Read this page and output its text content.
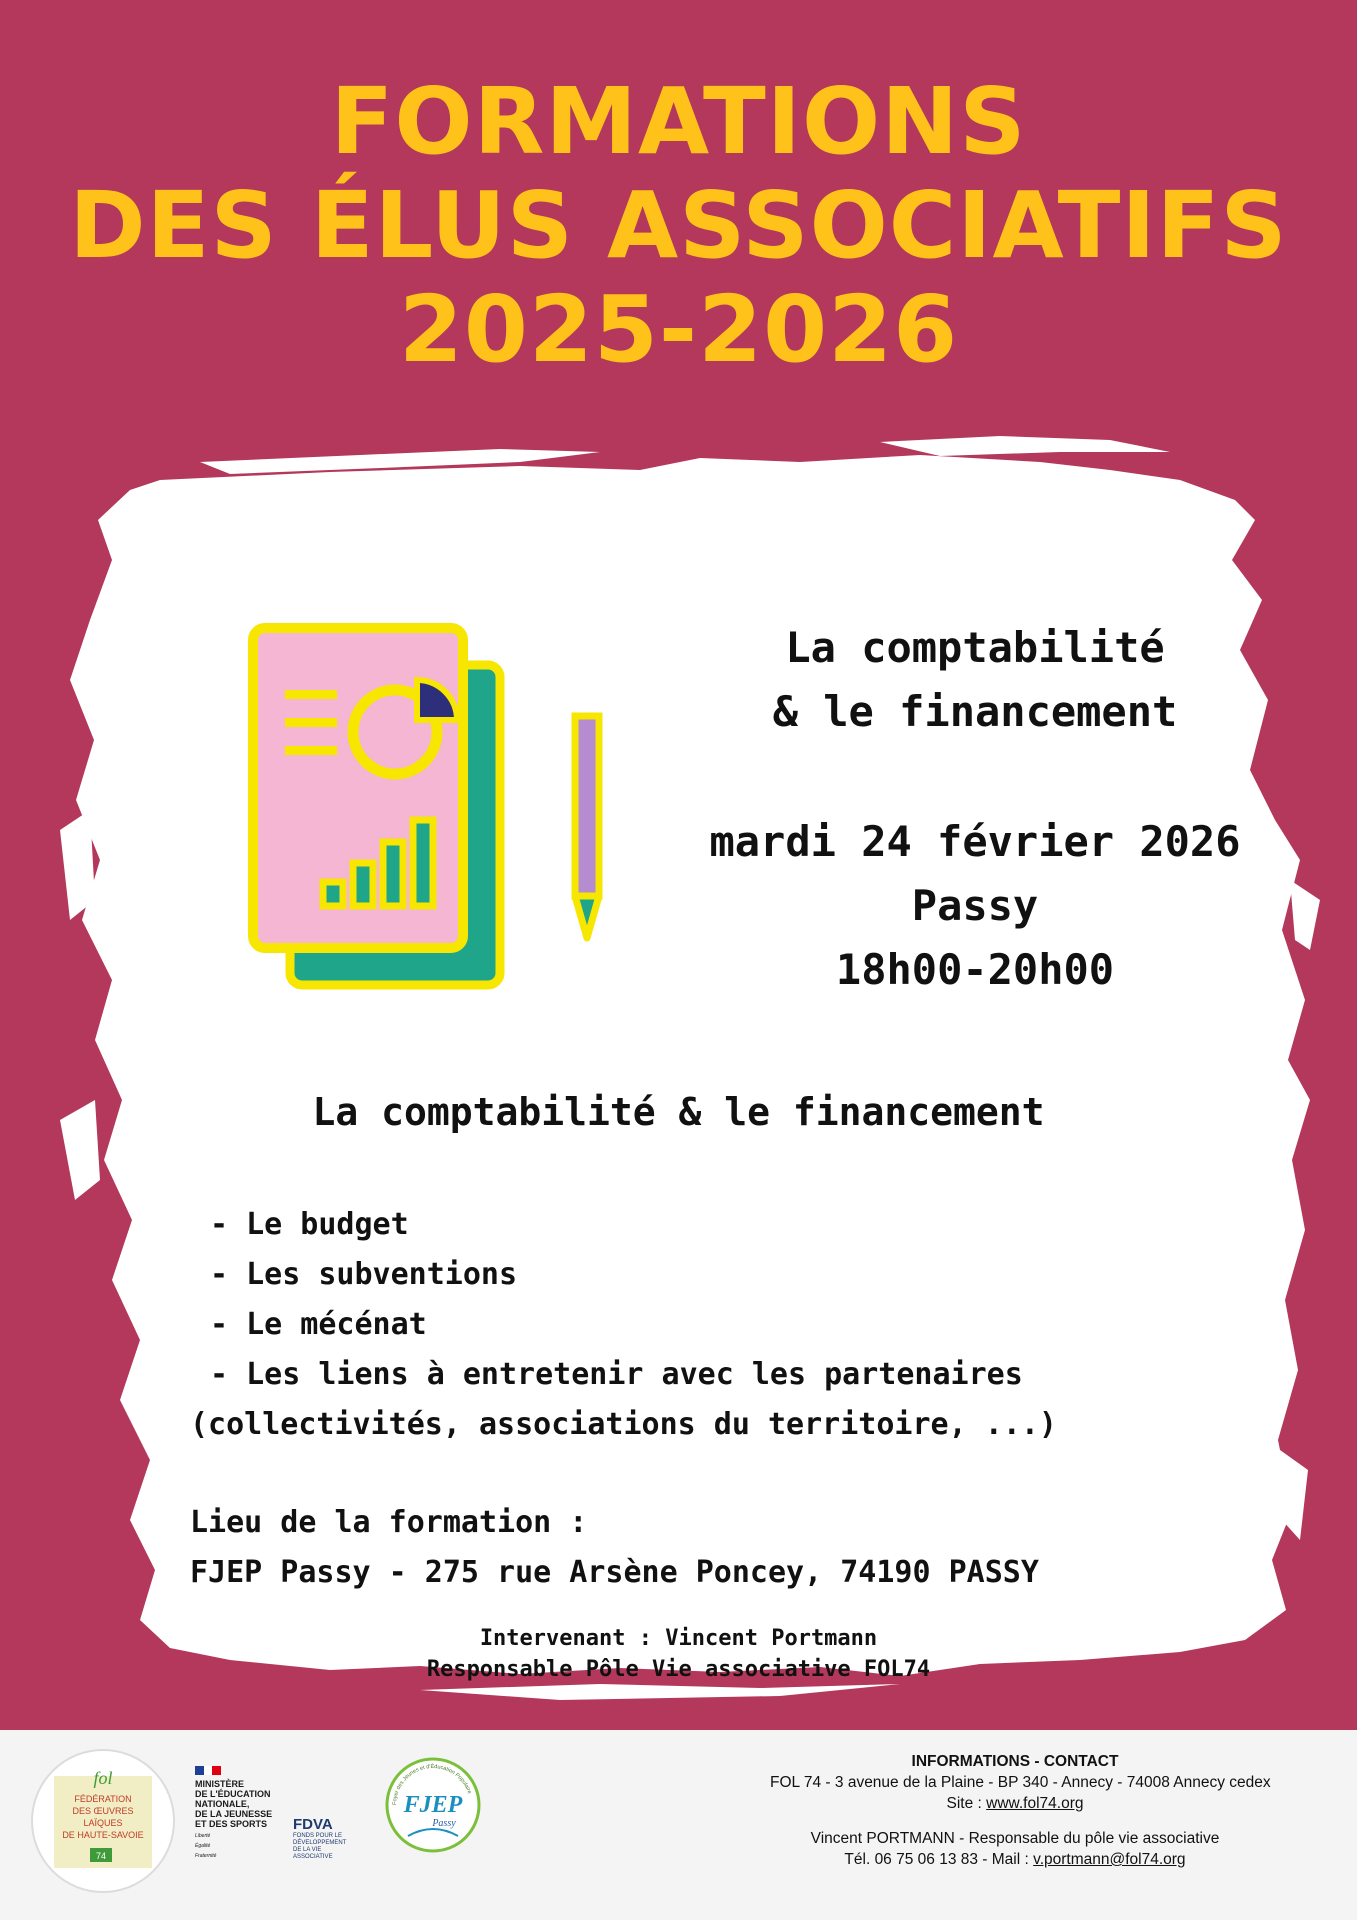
FORMATIONS
DES ÉLUS ASSOCIATIFS
2025-2026
La comptabilité
& le financement
mardi 24 février 2026
Passy
18h00-20h00
La comptabilité & le financement
- Le budget
- Les subventions
- Le mécénat
- Les liens à entretenir avec les partenaires
(collectivités, associations du territoire, ...)
Lieu de la formation :
FJEP Passy - 275 rue Arsène Poncey, 74190 PASSY
Intervenant : Vincent Portmann
Responsable Pôle Vie associative FOL74
fol
FÉDÉRATION
DES ŒUVRES
LAÏQUES
DE HAUTE-SAVOIE
74
MINISTÈRE
DE L'ÉDUCATION
NATIONALE,
DE LA JEUNESSE
ET DES SPORTS
Liberté
Égalité
Fraternité
FDVA
FONDS POUR LE
DÉVELOPPEMENT
DE LA VIE
ASSOCIATIVE
Foyer des Jeunes et d'Éducation Populaire
FJEP
Passy
INFORMATIONS - CONTACT
FOL 74 - 3 avenue de la Plaine - BP 340 - Annecy - 74008 Annecy cedex
Site : www.fol74.org
Vincent PORTMANN - Responsable du pôle vie associative
Tél. 06 75 06 13 83 - Mail : v.portmann@fol74.org
